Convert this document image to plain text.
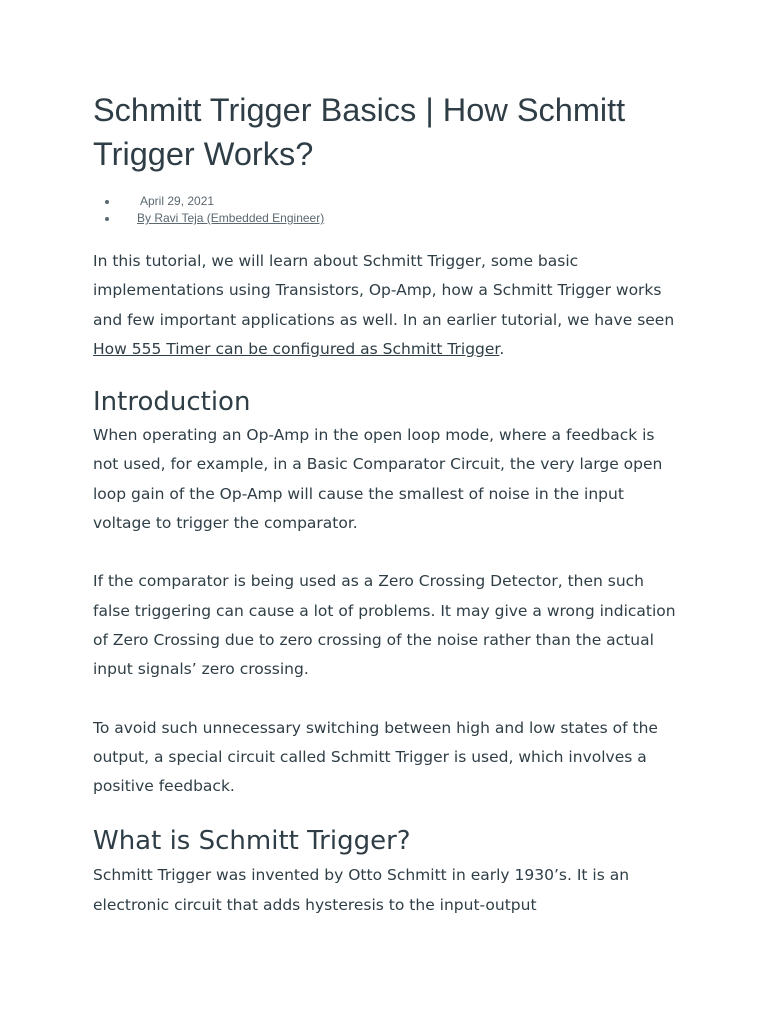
Schmitt Trigger Basics | How Schmitt Trigger Works?
• April 29, 2021
• By Ravi Teja (Embedded Engineer)

In this tutorial, we will learn about Schmitt Trigger, some basic implementations using Transistors, Op-Amp, how a Schmitt Trigger works and few important applications as well. In an earlier tutorial, we have seen How 555 Timer can be configured as Schmitt Trigger.

Introduction

When operating an Op-Amp in the open loop mode, where a feedback is not used, for example, in a Basic Comparator Circuit, the very large open loop gain of the Op-Amp will cause the smallest of noise in the input voltage to trigger the comparator.

If the comparator is being used as a Zero Crossing Detector, then such false triggering can cause a lot of problems. It may give a wrong indication of Zero Crossing due to zero crossing of the noise rather than the actual input signals’ zero crossing.

To avoid such unnecessary switching between high and low states of the output, a special circuit called Schmitt Trigger is used, which involves a positive feedback.

What is Schmitt Trigger?

Schmitt Trigger was invented by Otto Schmitt in early 1930’s. It is an electronic circuit that adds hysteresis to the input-output
